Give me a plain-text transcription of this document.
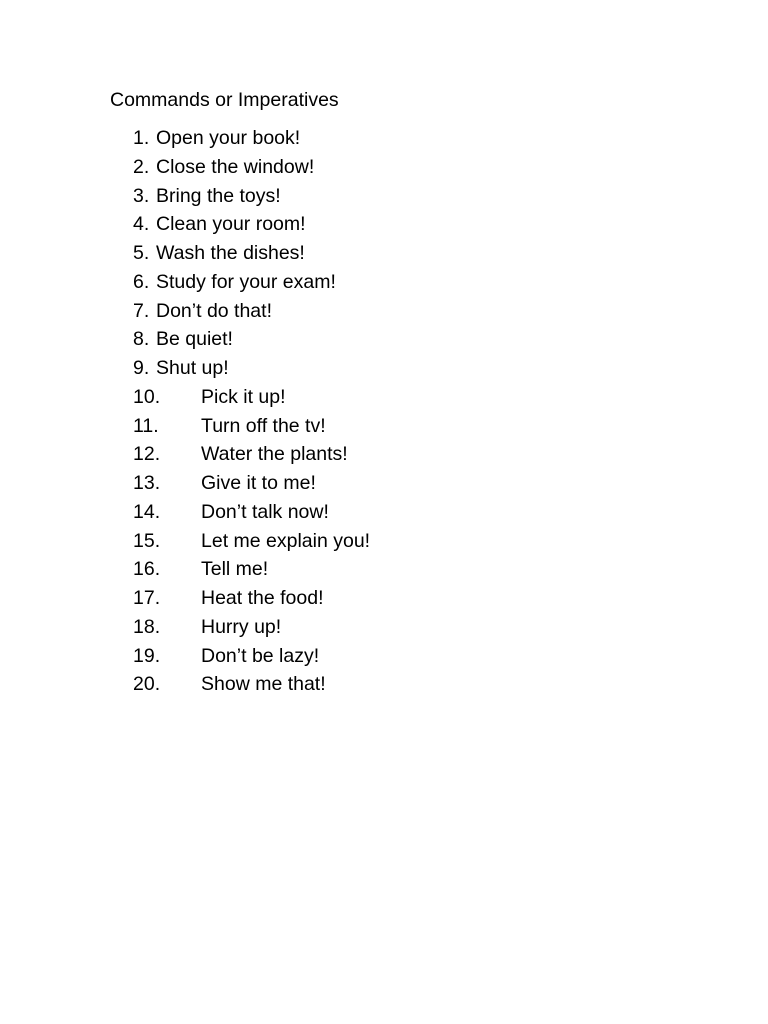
Commands or Imperatives
1. Open your book!
2. Close the window!
3. Bring the toys!
4. Clean your room!
5. Wash the dishes!
6. Study for your exam!
7. Don’t do that!
8. Be quiet!
9. Shut up!
10. Pick it up!
11. Turn off the tv!
12. Water the plants!
13. Give it to me!
14. Don’t talk now!
15. Let me explain you!
16. Tell me!
17. Heat the food!
18. Hurry up!
19. Don’t be lazy!
20. Show me that!
